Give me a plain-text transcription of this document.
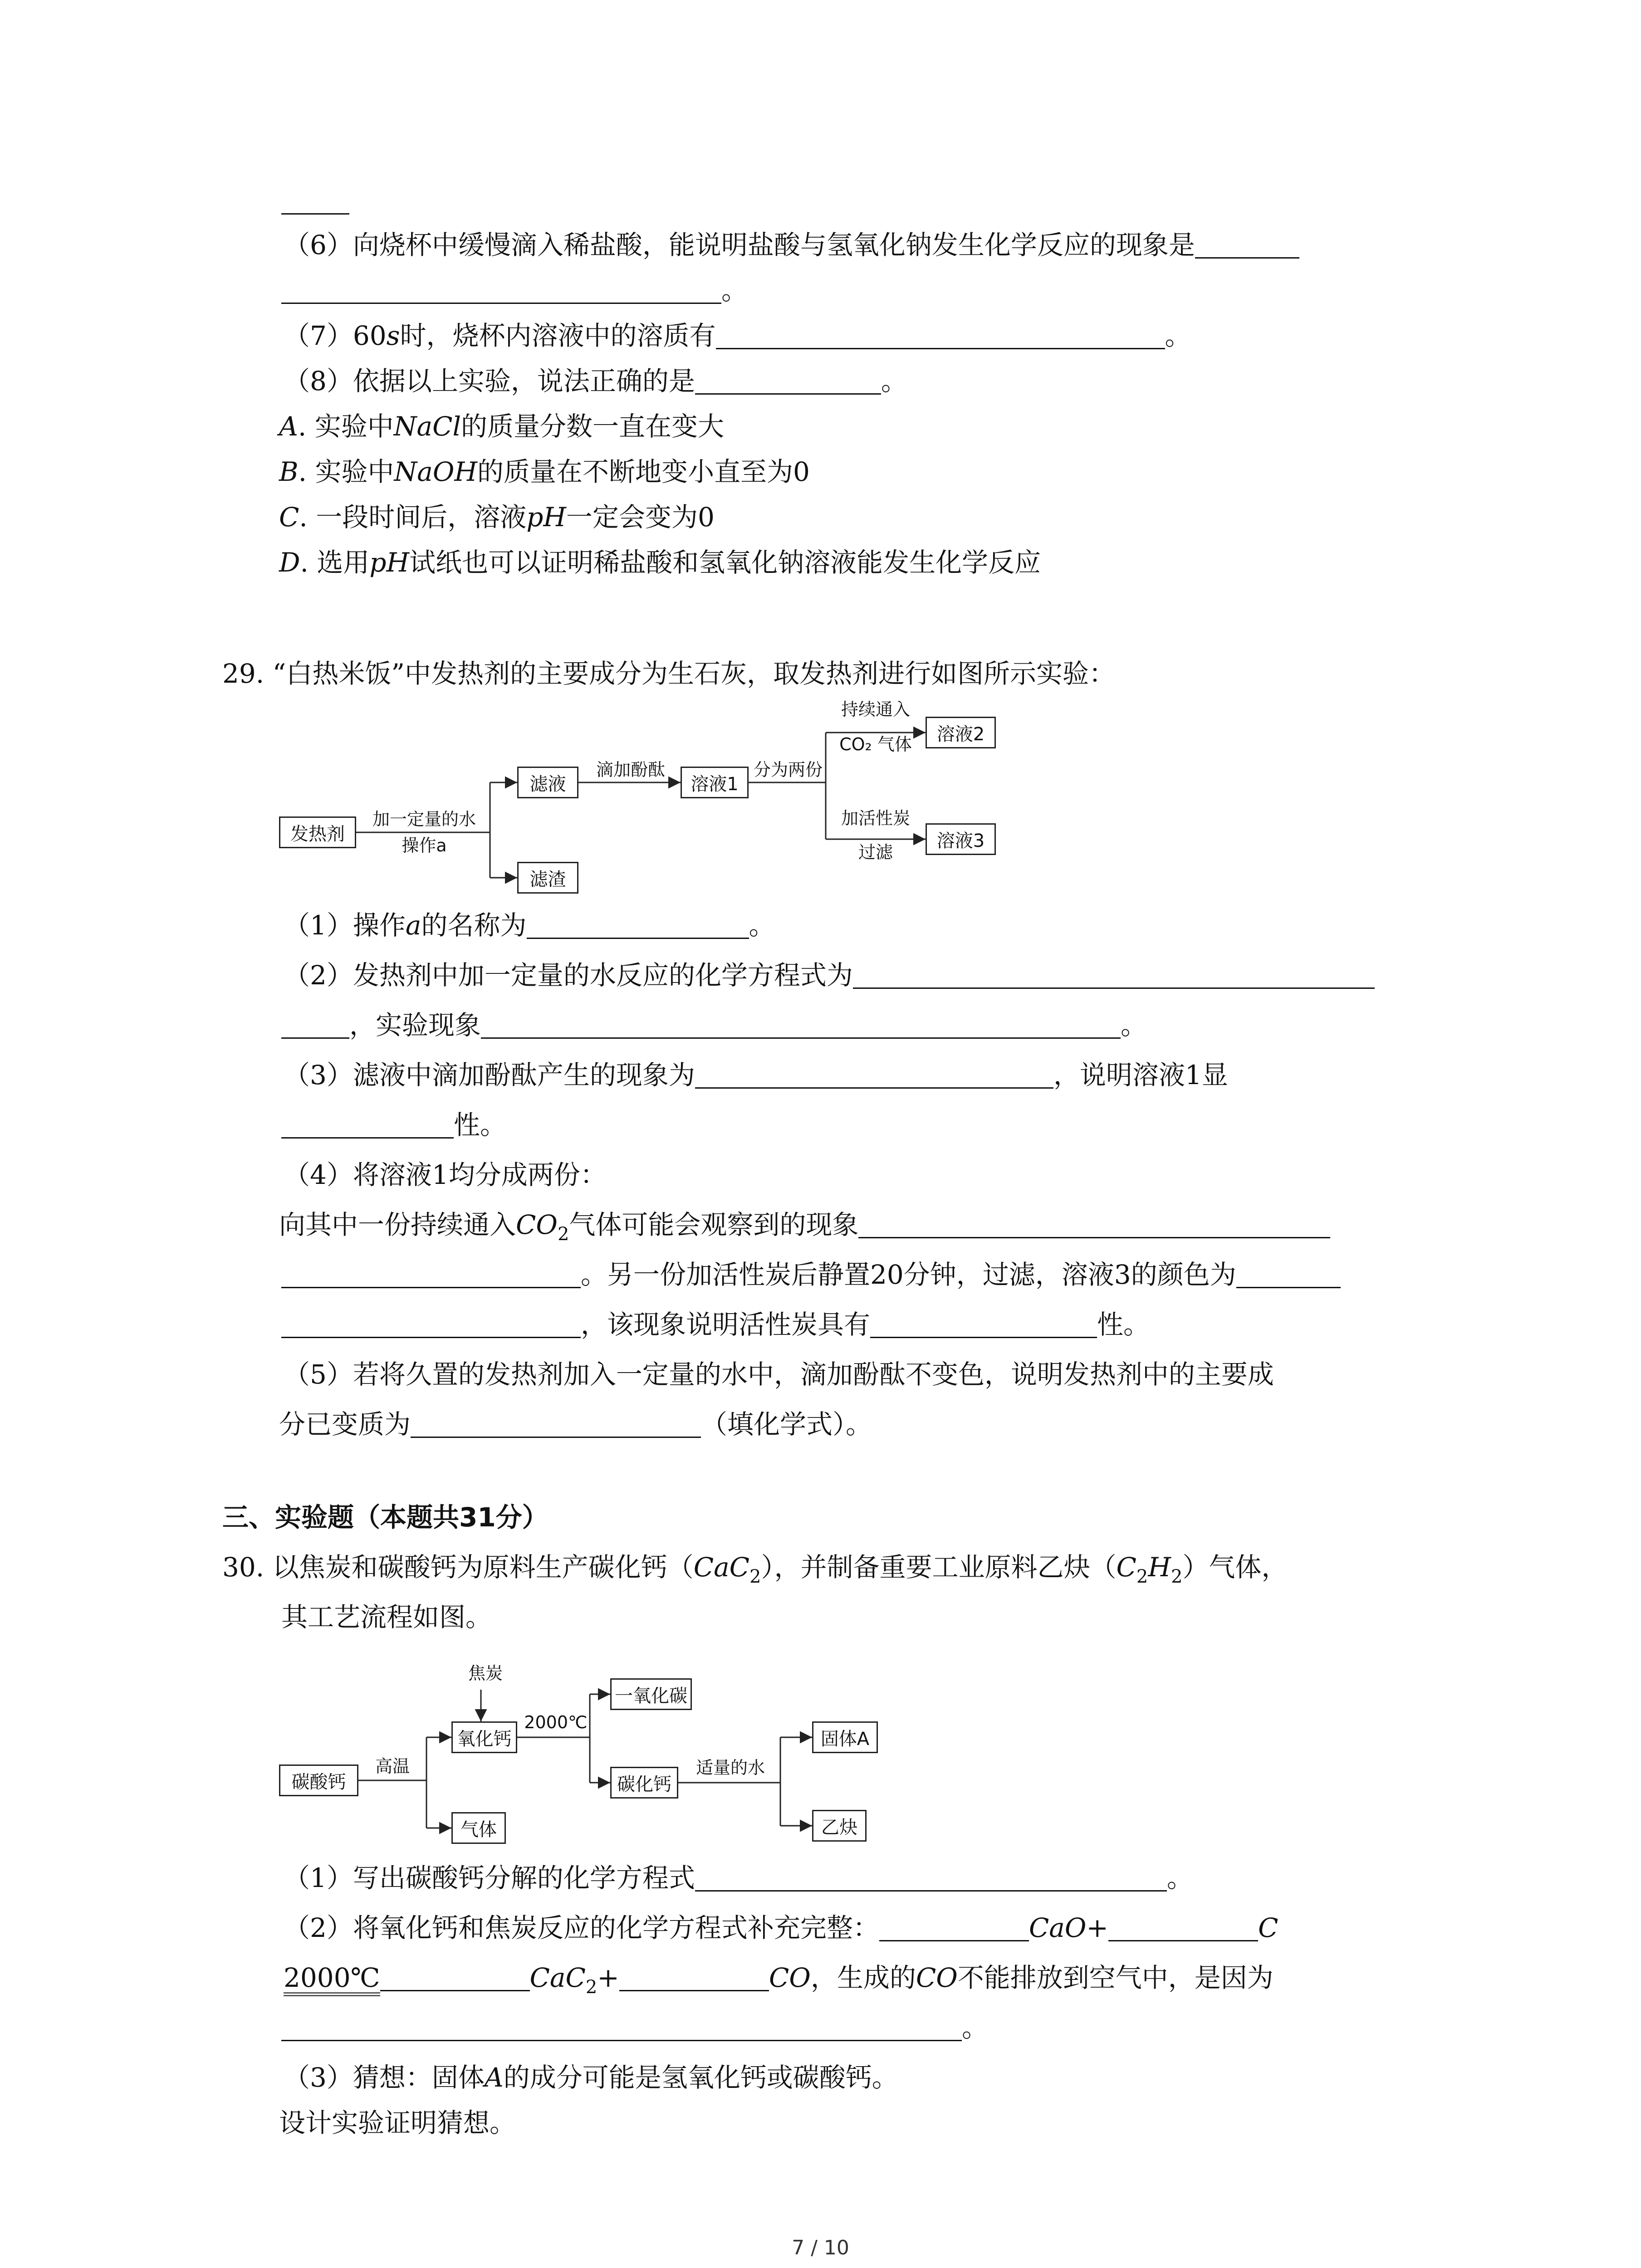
（6）向烧杯中缓慢滴入稀盐酸，能说明盐酸与氢氧化钠发生化学反应的现象是
。
（7）60s时，烧杯内溶液中的溶质有	。
（8）依据以上实验，说法正确的是	。
A. 实验中NaCl的质量分数一直在变大
B. 实验中NaOH的质量在不断地变小直至为0
C. 一段时间后，溶液pH一定会变为0
D. 选用pH试纸也可以证明稀盐酸和氢氧化钠溶液能发生化学反应
29. “白热米饭”中发热剂的主要成分为生石灰，取发热剂进行如图所示实验：
发热剂
加一定量的水
操作a
滤液
滤渣
滴加酚酞
溶液1
分为两份
持续通入
CO₂ 气体	溶液2
加活性炭
过滤
溶液3
（1）操作a的名称为	。
（2）发热剂中加一定量的水反应的化学方程式为
，实验现象	。
（3）滤液中滴加酚酞产生的现象为	，说明溶液1显
性。
（4）将溶液1均分成两份：
向其中一份持续通入$CO_2$气体可能会观察到的现象
。另一份加活性炭后静置20分钟，过滤，溶液3的颜色为
，该现象说明活性炭具有	性。
（5）若将久置的发热剂加入一定量的水中，滴加酚酞不变色，说明发热剂中的主要成
分已变质为	（填化学式）。
三、实验题（本题共31分）
30. 以焦炭和碳酸钙为原料生产碳化钙（CaC$_2$），并制备重要工业原料乙炔$(C_2H_2)$气体，
其工艺流程如图。
碳酸钙
高温
焦炭
氧化钙
2000℃
一氧化碳
碳化钙
气体
适量的水
固体A
乙炔
（1）写出碳酸钙分解的化学方程式	。
（2）将氧化钙和焦炭反应的化学方程式补充完整：	CaO+	C
2000℃	CaC$_2$+	CO，生成的CO不能排放到空气中，是因为
。
（3）猜想：固体A的成分可能是氢氧化钙或碳酸钙。
设计实验证明猜想。
7 / 10
